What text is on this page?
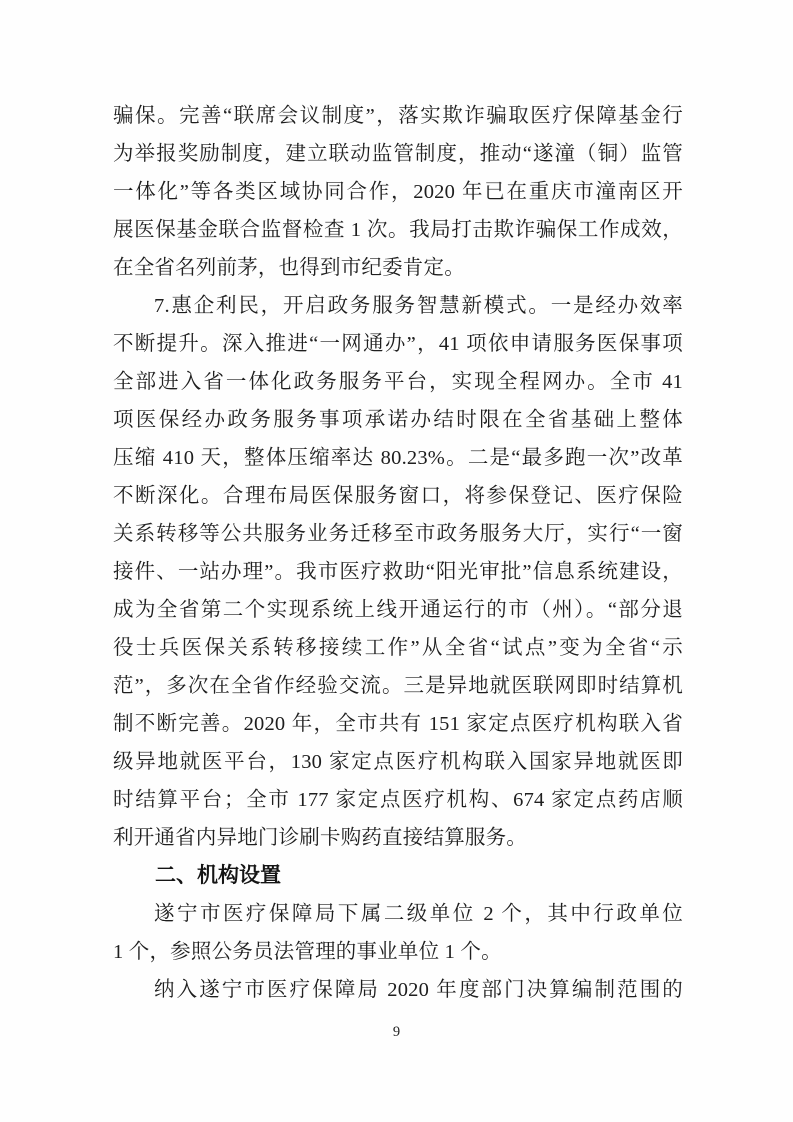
骗保。完善“联席会议制度”，落实欺诈骗取医疗保障基金行
为举报奖励制度，建立联动监管制度，推动“遂潼（铜）监管
一体化”等各类区域协同合作，2020 年已在重庆市潼南区开
展医保基金联合监督检查 1 次。我局打击欺诈骗保工作成效，
在全省名列前茅，也得到市纪委肯定。
7.惠企利民，开启政务服务智慧新模式。一是经办效率
不断提升。深入推进“一网通办”，41 项依申请服务医保事项
全部进入省一体化政务服务平台，实现全程网办。全市 41
项医保经办政务服务事项承诺办结时限在全省基础上整体
压缩 410 天，整体压缩率达 80.23%。二是“最多跑一次”改革
不断深化。合理布局医保服务窗口，将参保登记、医疗保险
关系转移等公共服务业务迁移至市政务服务大厅，实行“一窗
接件、一站办理”。我市医疗救助“阳光审批”信息系统建设，
成为全省第二个实现系统上线开通运行的市（州）。“部分退
役士兵医保关系转移接续工作”从全省“试点”变为全省“示
范”，多次在全省作经验交流。三是异地就医联网即时结算机
制不断完善。2020 年，全市共有 151 家定点医疗机构联入省
级异地就医平台，130 家定点医疗机构联入国家异地就医即
时结算平台；全市 177 家定点医疗机构、674 家定点药店顺
利开通省内异地门诊刷卡购药直接结算服务。
二、机构设置
遂宁市医疗保障局下属二级单位 2 个，其中行政单位
1 个，参照公务员法管理的事业单位 1 个。
纳入遂宁市医疗保障局 2020 年度部门决算编制范围的
9
